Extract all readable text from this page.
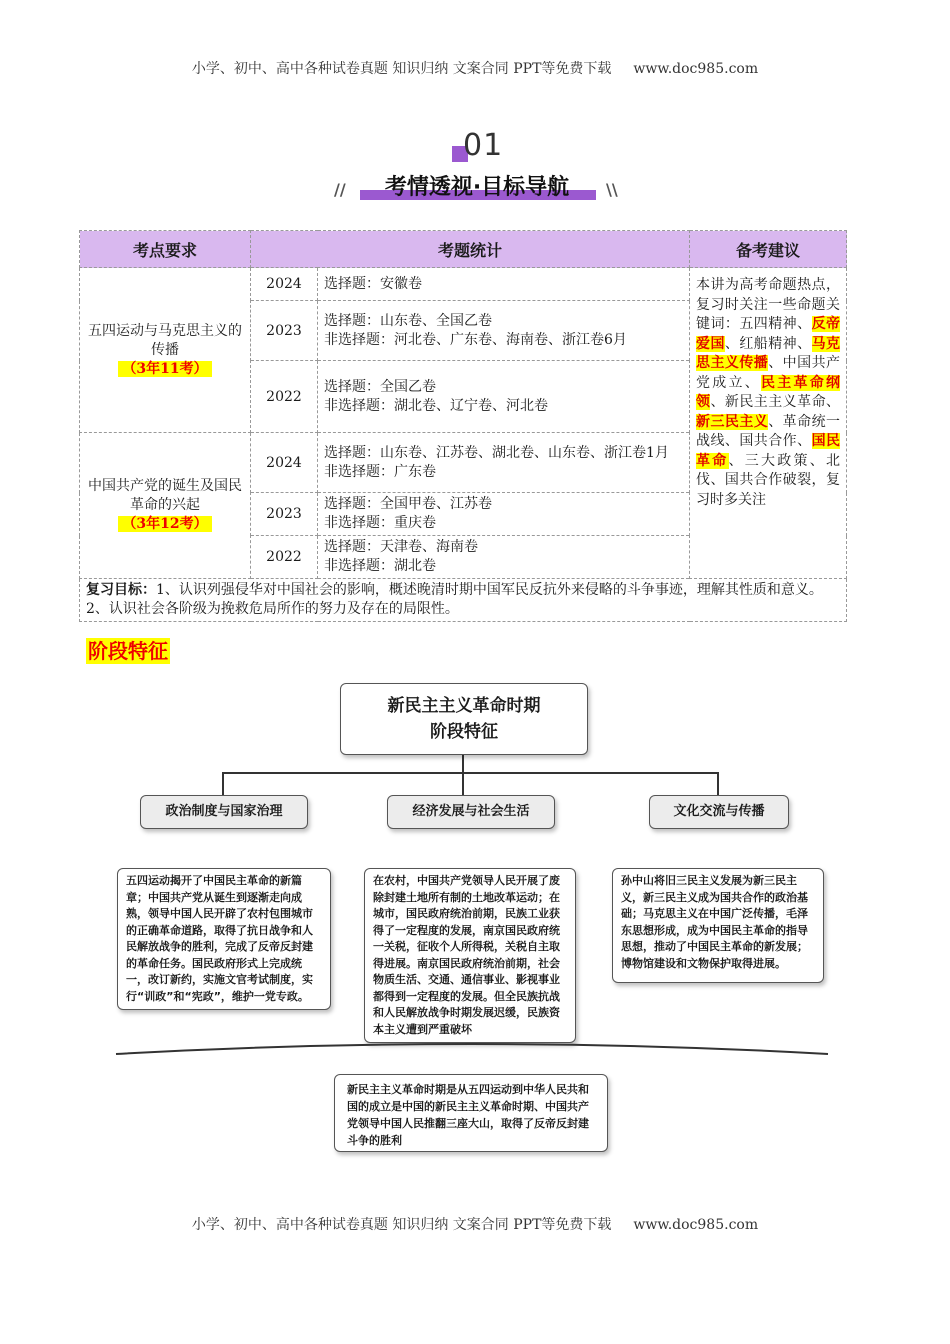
小学、初中、高中各种试卷真题 知识归纳 文案合同 PPT等免费下载 www.doc985.com
01
//	考情透视·目标导航	\\
考点要求	考题统计		备考建议
五四运动与马克思主义的传播
（3年11考）	2024	选择题：安徽卷	本讲为高考命题热点，复习时关注一些命题关键词：五四精神、反帝爱国、红船精神、马克思主义传播、中国共产党成立、民主革命纲领、新民主主义革命、新三民主义、革命统一战线、国共合作、国民革命、三大政策、北伐、国共合作破裂，复习时多关注
	2023	选择题：山东卷、全国乙卷
非选择题：河北卷、广东卷、海南卷、浙江卷6月	
	2022	选择题：全国乙卷
非选择题：湖北卷、辽宁卷、河北卷	
中国共产党的诞生及国民革命的兴起
（3年12考）	2024	选择题：山东卷、江苏卷、湖北卷、山东卷、浙江卷1月
非选择题：广东卷	
	2023	选择题：全国甲卷、江苏卷
非选择题：重庆卷	
	2022	选择题：天津卷、海南卷
非选择题：湖北卷	
复习目标：1、认识列强侵华对中国社会的影响，概述晚清时期中国军民反抗外来侵略的斗争事迹，理解其性质和意义。
2、认识社会各阶级为挽救危局所作的努力及存在的局限性。			
阶段特征
新民主主义革命时期
阶段特征
政治制度与国家治理	经济发展与社会生活	文化交流与传播
五四运动揭开了中国民主革命的新篇章；中国共产党从诞生到逐渐走向成熟，领导中国人民开辟了农村包围城市的正确革命道路，取得了抗日战争和人民解放战争的胜利，完成了反帝反封建的革命任务。国民政府形式上完成统一，改订新约，实施文官考试制度，实行“训政”和“宪政”，维护一党专政。
在农村，中国共产党领导人民开展了废除封建土地所有制的土地改革运动；在城市，国民政府统治前期，民族工业获得了一定程度的发展，南京国民政府统一关税，征收个人所得税，关税自主取得进展。南京国民政府统治前期，社会物质生活、交通、通信事业、影视事业都得到一定程度的发展。但全民族抗战和人民解放战争时期发展迟缓，民族资本主义遭到严重破坏
孙中山将旧三民主义发展为新三民主义，新三民主义成为国共合作的政治基础；马克思主义在中国广泛传播，毛泽东思想形成，成为中国民主革命的指导思想，推动了中国民主革命的新发展；博物馆建设和文物保护取得进展。
新民主主义革命时期是从五四运动到中华人民共和国的成立是中国的新民主主义革命时期、中国共产党领导中国人民推翻三座大山，取得了反帝反封建斗争的胜利
小学、初中、高中各种试卷真题 知识归纳 文案合同 PPT等免费下载 www.doc985.com
